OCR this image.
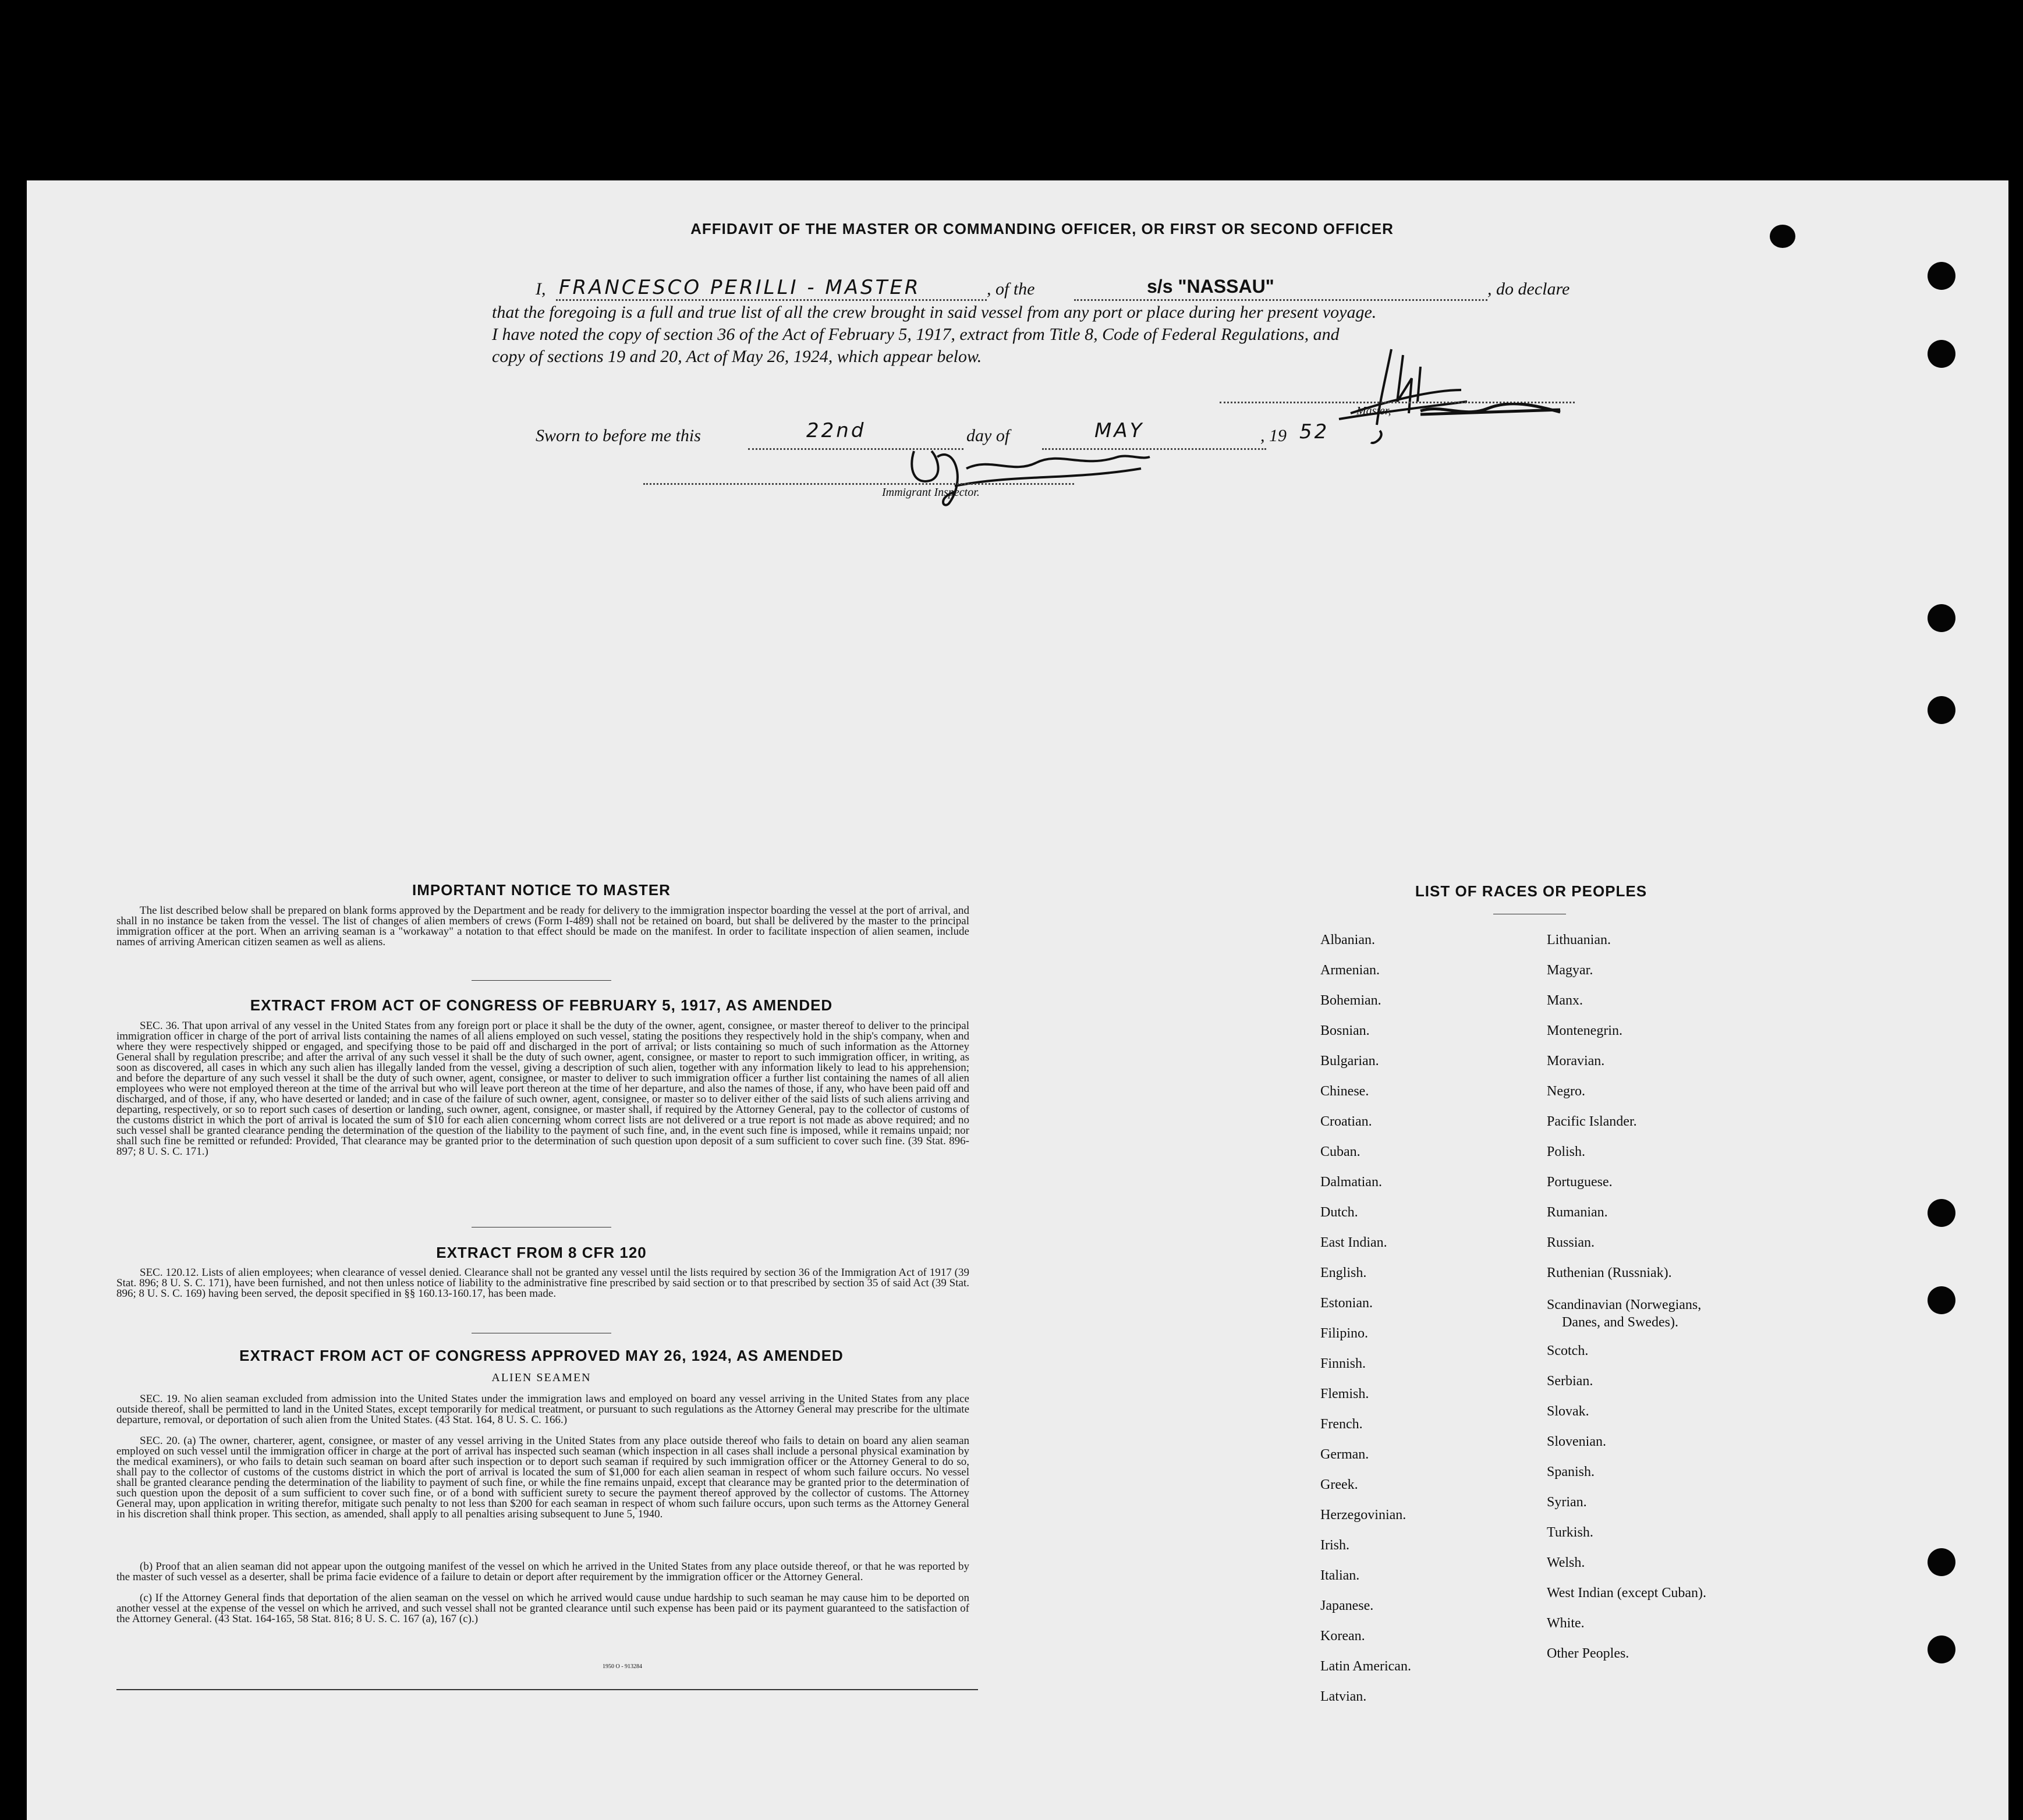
AFFIDAVIT OF THE MASTER OR COMMANDING OFFICER, OR FIRST OR SECOND OFFICER
I, FRANCESCO PERILLI - MASTER	, of the	s/s "NASSAU"	, do declare
that the foregoing is a full and true list of all the crew brought in said vessel from any port or place during her present voyage.
I have noted the copy of section 36 of the Act of February 5, 1917, extract from Title 8, Code of Federal Regulations, and
copy of sections 19 and 20, Act of May 26, 1924, which appear below.
Master,
Sworn to before me this	22nd	day of	MAY	, 19 52
Immigrant Inspector.
IMPORTANT NOTICE TO MASTER
The list described below shall be prepared on blank forms approved by the Department and be ready for delivery to the immigration inspector boarding the vessel at the port of arrival, and shall in no instance be taken from the vessel. The list of changes of alien members of crews (Form I-489) shall not be retained on board, but shall be delivered by the master to the principal immigration officer at the port. When an arriving seaman is a "workaway" a notation to that effect should be made on the manifest. In order to facilitate inspection of alien seamen, include names of arriving American citizen seamen as well as aliens.
EXTRACT FROM ACT OF CONGRESS OF FEBRUARY 5, 1917, AS AMENDED
SEC. 36. That upon arrival of any vessel in the United States from any foreign port or place it shall be the duty of the owner, agent, consignee, or master thereof to deliver to the principal immigration officer in charge of the port of arrival lists containing the names of all aliens employed on such vessel, stating the positions they respectively hold in the ship's company, when and where they were respectively shipped or engaged, and specifying those to be paid off and discharged in the port of arrival; or lists containing so much of such information as the Attorney General shall by regulation prescribe; and after the arrival of any such vessel it shall be the duty of such owner, agent, consignee, or master to report to such immigration officer, in writing, as soon as discovered, all cases in which any such alien has illegally landed from the vessel, giving a description of such alien, together with any information likely to lead to his apprehension; and before the departure of any such vessel it shall be the duty of such owner, agent, consignee, or master to deliver to such immigration officer a further list containing the names of all alien employees who were not employed thereon at the time of the arrival but who will leave port thereon at the time of her departure, and also the names of those, if any, who have been paid off and discharged, and of those, if any, who have deserted or landed; and in case of the failure of such owner, agent, consignee, or master so to deliver either of the said lists of such aliens arriving and departing, respectively, or so to report such cases of desertion or landing, such owner, agent, consignee, or master shall, if required by the Attorney General, pay to the collector of customs of the customs district in which the port of arrival is located the sum of $10 for each alien concerning whom correct lists are not delivered or a true report is not made as above required; and no such vessel shall be granted clearance pending the determination of the question of the liability to the payment of such fine, and, in the event such fine is imposed, while it remains unpaid; nor shall such fine be remitted or refunded: Provided, That clearance may be granted prior to the determination of such question upon deposit of a sum sufficient to cover such fine. (39 Stat. 896-897; 8 U. S. C. 171.)
EXTRACT FROM 8 CFR 120
SEC. 120.12. Lists of alien employees; when clearance of vessel denied. Clearance shall not be granted any vessel until the lists required by section 36 of the Immigration Act of 1917 (39 Stat. 896; 8 U. S. C. 171), have been furnished, and not then unless notice of liability to the administrative fine prescribed by said section or to that prescribed by section 35 of said Act (39 Stat. 896; 8 U. S. C. 169) having been served, the deposit specified in §§ 160.13-160.17, has been made.
EXTRACT FROM ACT OF CONGRESS APPROVED MAY 26, 1924, AS AMENDED
ALIEN SEAMEN
SEC. 19. No alien seaman excluded from admission into the United States under the immigration laws and employed on board any vessel arriving in the United States from any place outside thereof, shall be permitted to land in the United States, except temporarily for medical treatment, or pursuant to such regulations as the Attorney General may prescribe for the ultimate departure, removal, or deportation of such alien from the United States. (43 Stat. 164, 8 U. S. C. 166.)
SEC. 20. (a) The owner, charterer, agent, consignee, or master of any vessel arriving in the United States from any place outside thereof who fails to detain on board any alien seaman employed on such vessel until the immigration officer in charge at the port of arrival has inspected such seaman (which inspection in all cases shall include a personal physical examination by the medical examiners), or who fails to detain such seaman on board after such inspection or to deport such seaman if required by such immigration officer or the Attorney General to do so, shall pay to the collector of customs of the customs district in which the port of arrival is located the sum of $1,000 for each alien seaman in respect of whom such failure occurs. No vessel shall be granted clearance pending the determination of the liability to payment of such fine, or while the fine remains unpaid, except that clearance may be granted prior to the determination of such question upon the deposit of a sum sufficient to cover such fine, or of a bond with sufficient surety to secure the payment thereof approved by the collector of customs. The Attorney General may, upon application in writing therefor, mitigate such penalty to not less than $200 for each seaman in respect of whom such failure occurs, upon such terms as the Attorney General in his discretion shall think proper. This section, as amended, shall apply to all penalties arising subsequent to June 5, 1940.
(b) Proof that an alien seaman did not appear upon the outgoing manifest of the vessel on which he arrived in the United States from any place outside thereof, or that he was reported by the master of such vessel as a deserter, shall be prima facie evidence of a failure to detain or deport after requirement by the immigration officer or the Attorney General.
(c) If the Attorney General finds that deportation of the alien seaman on the vessel on which he arrived would cause undue hardship to such seaman he may cause him to be deported on another vessel at the expense of the vessel on which he arrived, and such vessel shall not be granted clearance until such expense has been paid or its payment guaranteed to the satisfaction of the Attorney General. (43 Stat. 164-165, 58 Stat. 816; 8 U. S. C. 167 (a), 167 (c).)
1950 O - 913284
LIST OF RACES OR PEOPLES
Albanian.
Armenian.
Bohemian.
Bosnian.
Bulgarian.
Chinese.
Croatian.
Cuban.
Dalmatian.
Dutch.
East Indian.
English.
Estonian.
Filipino.
Finnish.
Flemish.
French.
German.
Greek.
Herzegovinian.
Irish.
Italian.
Japanese.
Korean.
Latin American.
Latvian.
Lithuanian.
Magyar.
Manx.
Montenegrin.
Moravian.
Negro.
Pacific Islander.
Polish.
Portuguese.
Rumanian.
Russian.
Ruthenian (Russniak).
Scandinavian (Norwegians,
Danes, and Swedes).
Scotch.
Serbian.
Slovak.
Slovenian.
Spanish.
Syrian.
Turkish.
Welsh.
West Indian (except Cuban).
White.
Other Peoples.
